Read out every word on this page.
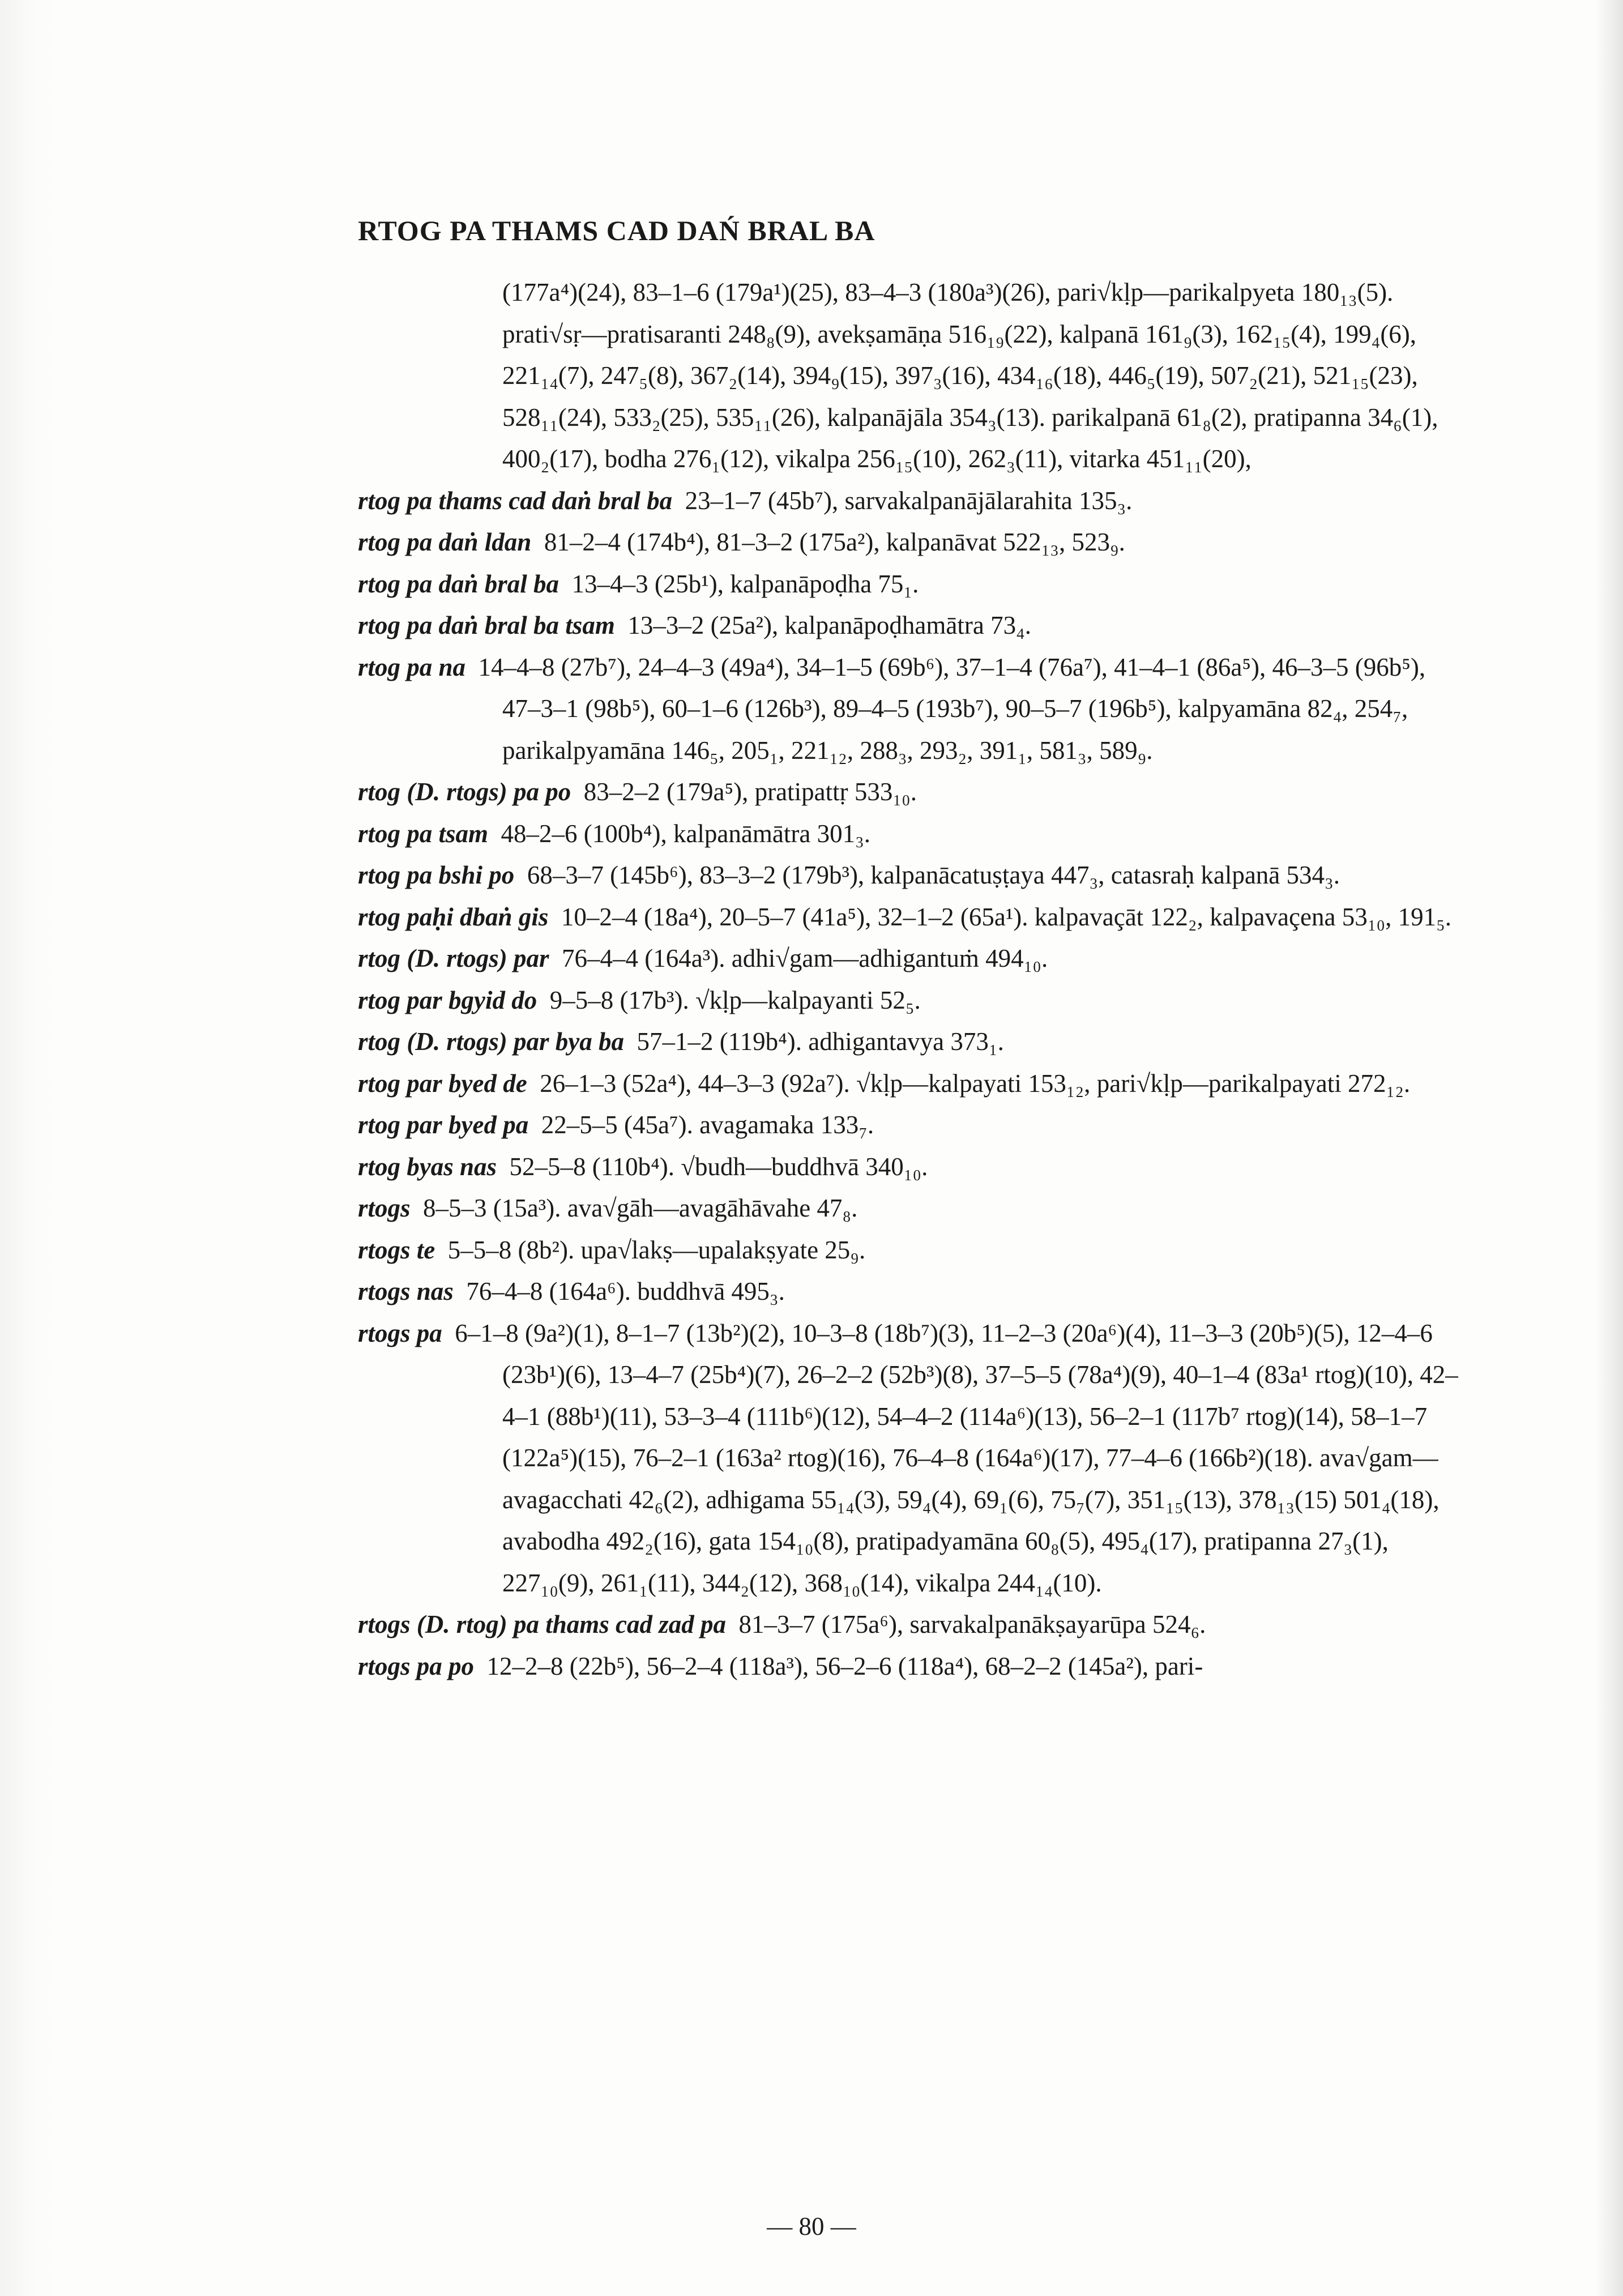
RTOG PA THAMS CAD DAŃ BRAL BA

(177a⁴)(24), 83–1–6 (179a¹)(25), 83–4–3 (180a³)(26), pari√kḷp—parikalpyeta 180₁₃(5). prati√sṛ—pratisaranti 248₈(9), avekṣamāṇa 516₁₉(22), kalpanā 161₉(3), 162₁₅(4), 199₄(6), 221₁₄(7), 247₅(8), 367₂(14), 394₉(15), 397₃(16), 434₁₆(18), 446₅(19), 507₂(21), 521₁₅(23), 528₁₁(24), 533₂(25), 535₁₁(26), kalpanājāla 354₃(13). parikalpanā 61₈(2), pratipanna 34₆(1), 400₂(17), bodha 276₁(12), vikalpa 256₁₅(10), 262₃(11), vitarka 451₁₁(20),

rtog pa thams cad daṅ bral ba 23–1–7 (45b⁷), sarvakalpanājālarahita 135₃.

rtog pa daṅ ldan 81–2–4 (174b⁴), 81–3–2 (175a²), kalpanāvat 522₁₃, 523₉.

rtog pa daṅ bral ba 13–4–3 (25b¹), kalpanāpoḍha 75₁.

rtog pa daṅ bral ba tsam 13–3–2 (25a²), kalpanāpoḍhamātra 73₄.

rtog pa na 14–4–8 (27b⁷), 24–4–3 (49a⁴), 34–1–5 (69b⁶), 37–1–4 (76a⁷), 41–4–1 (86a⁵), 46–3–5 (96b⁵), 47–3–1 (98b⁵), 60–1–6 (126b³), 89–4–5 (193b⁷), 90–5–7 (196b⁵), kalpyamāna 82₄, 254₇, parikalpyamāna 146₅, 205₁, 221₁₂, 288₃, 293₂, 391₁, 581₃, 589₉.

rtog (D. rtogs) pa po 83–2–2 (179a⁵), pratipattṛ 533₁₀.

rtog pa tsam 48–2–6 (100b⁴), kalpanāmātra 301₃.

rtog pa bshi po 68–3–7 (145b⁶), 83–3–2 (179b³), kalpanācatuṣṭaya 447₃, catasraḥ kalpanā 534₃.

rtog paḥi dbaṅ gis 10–2–4 (18a⁴), 20–5–7 (41a⁵), 32–1–2 (65a¹). kalpavaçāt 122₂, kalpavaçena 53₁₀, 191₅.

rtog (D. rtogs) par 76–4–4 (164a³). adhi√gam—adhigantuṁ 494₁₀.

rtog par bgyid do 9–5–8 (17b³). √kḷp—kalpayanti 52₅.

rtog (D. rtogs) par bya ba 57–1–2 (119b⁴). adhigantavya 373₁.

rtog par byed de 26–1–3 (52a⁴), 44–3–3 (92a⁷). √kḷp—kalpayati 153₁₂, pari√kḷp—parikalpayati 272₁₂.

rtog par byed pa 22–5–5 (45a⁷). avagamaka 133₇.

rtog byas nas 52–5–8 (110b⁴). √budh—buddhvā 340₁₀.

rtogs 8–5–3 (15a³). ava√gāh—avagāhāvahe 47₈.

rtogs te 5–5–8 (8b²). upa√lakṣ—upalakṣyate 25₉.

rtogs nas 76–4–8 (164a⁶). buddhvā 495₃.

rtogs pa 6–1–8 (9a²)(1), 8–1–7 (13b²)(2), 10–3–8 (18b⁷)(3), 11–2–3 (20a⁶)(4), 11–3–3 (20b⁵)(5), 12–4–6 (23b¹)(6), 13–4–7 (25b⁴)(7), 26–2–2 (52b³)(8), 37–5–5 (78a⁴)(9), 40–1–4 (83a¹ rtog)(10), 42–4–1 (88b¹)(11), 53–3–4 (111b⁶)(12), 54–4–2 (114a⁶)(13), 56–2–1 (117b⁷ rtog)(14), 58–1–7 (122a⁵)(15), 76–2–1 (163a² rtog)(16), 76–4–8 (164a⁶)(17), 77–4–6 (166b²)(18). ava√gam—avagacchati 42₆(2), adhigama 55₁₄(3), 59₄(4), 69₁(6), 75₇(7), 351₁₅(13), 378₁₃(15) 501₄(18), avabodha 492₂(16), gata 154₁₀(8), pratipadyamāna 60₈(5), 495₄(17), pratipanna 27₃(1), 227₁₀(9), 261₁(11), 344₂(12), 368₁₀(14), vikalpa 244₁₄(10).

rtogs (D. rtog) pa thams cad zad pa 81–3–7 (175a⁶), sarvakalpanākṣayarūpa 524₆.

rtogs pa po 12–2–8 (22b⁵), 56–2–4 (118a³), 56–2–6 (118a⁴), 68–2–2 (145a²), pari-

— 80 —
